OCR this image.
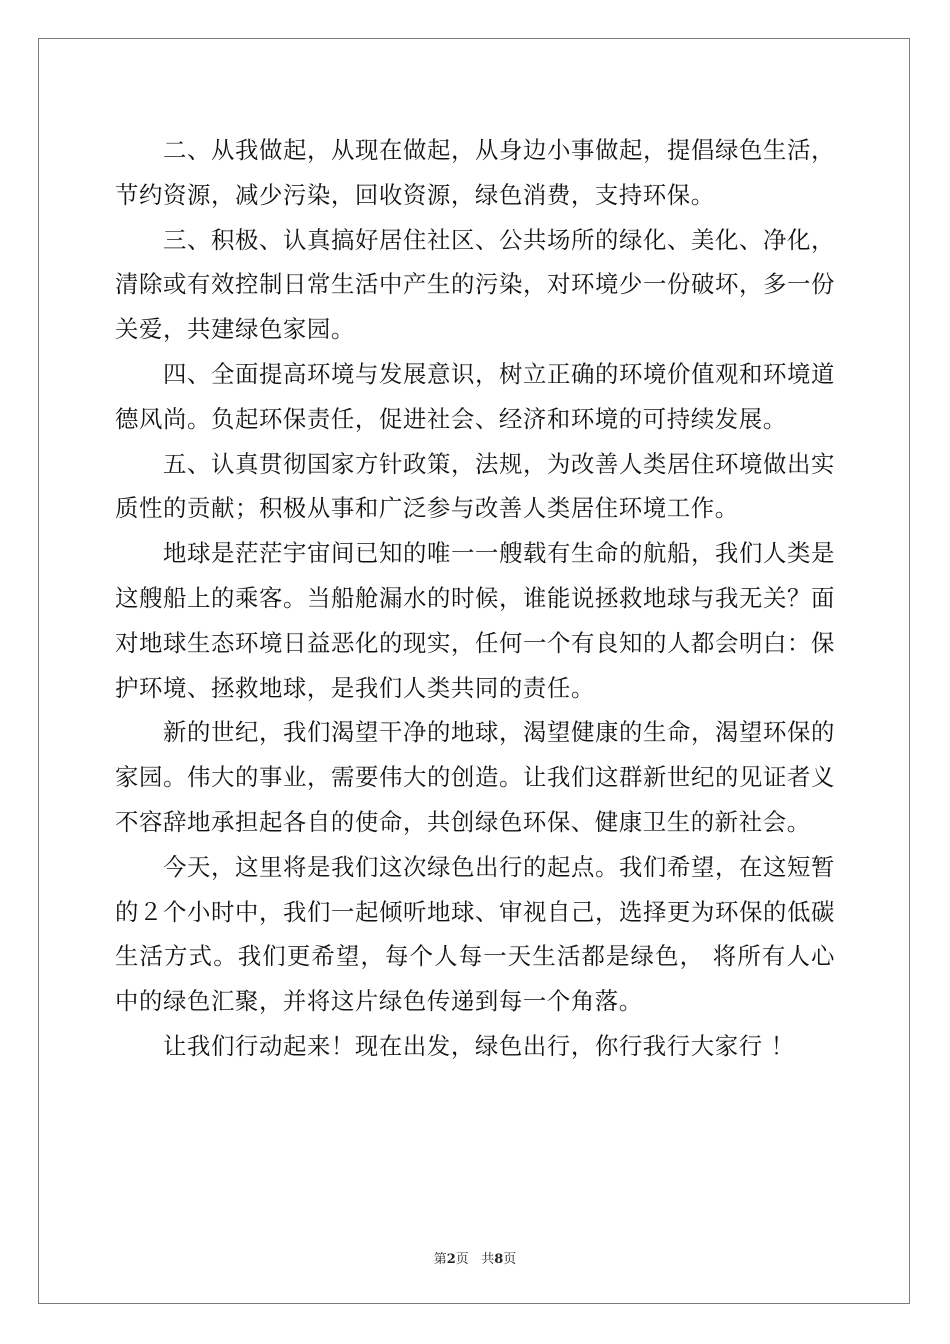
二、从我做起，从现在做起，从身边小事做起，提倡绿色生活，节约资源，减少污染，回收资源，绿色消费，支持环保。

三、积极、认真搞好居住社区、公共场所的绿化、美化、净化，清除或有效控制日常生活中产生的污染，对环境少一份破坏，多一份关爱，共建绿色家园。

四、全面提高环境与发展意识，树立正确的环境价值观和环境道德风尚。负起环保责任，促进社会、经济和环境的可持续发展。

五、认真贯彻国家方针政策，法规，为改善人类居住环境做出实质性的贡献；积极从事和广泛参与改善人类居住环境工作。

地球是茫茫宇宙间已知的唯一一艘载有生命的航船，我们人类是这艘船上的乘客。当船舱漏水的时候，谁能说拯救地球与我无关？面对地球生态环境日益恶化的现实，任何一个有良知的人都会明白：保护环境、拯救地球，是我们人类共同的责任。

新的世纪，我们渴望干净的地球，渴望健康的生命，渴望环保的家园。伟大的事业，需要伟大的创造。让我们这群新世纪的见证者义不容辞地承担起各自的使命，共创绿色环保、健康卫生的新社会。

今天，这里将是我们这次绿色出行的起点。我们希望，在这短暂的２个小时中，我们一起倾听地球、审视自己，选择更为环保的低碳生活方式。我们更希望，每个人每一天生活都是绿色， 将所有人心中的绿色汇聚，并将这片绿色传递到每一个角落。

让我们行动起来！现在出发，绿色出行，你行我行大家行 ！

第2页 共8页
